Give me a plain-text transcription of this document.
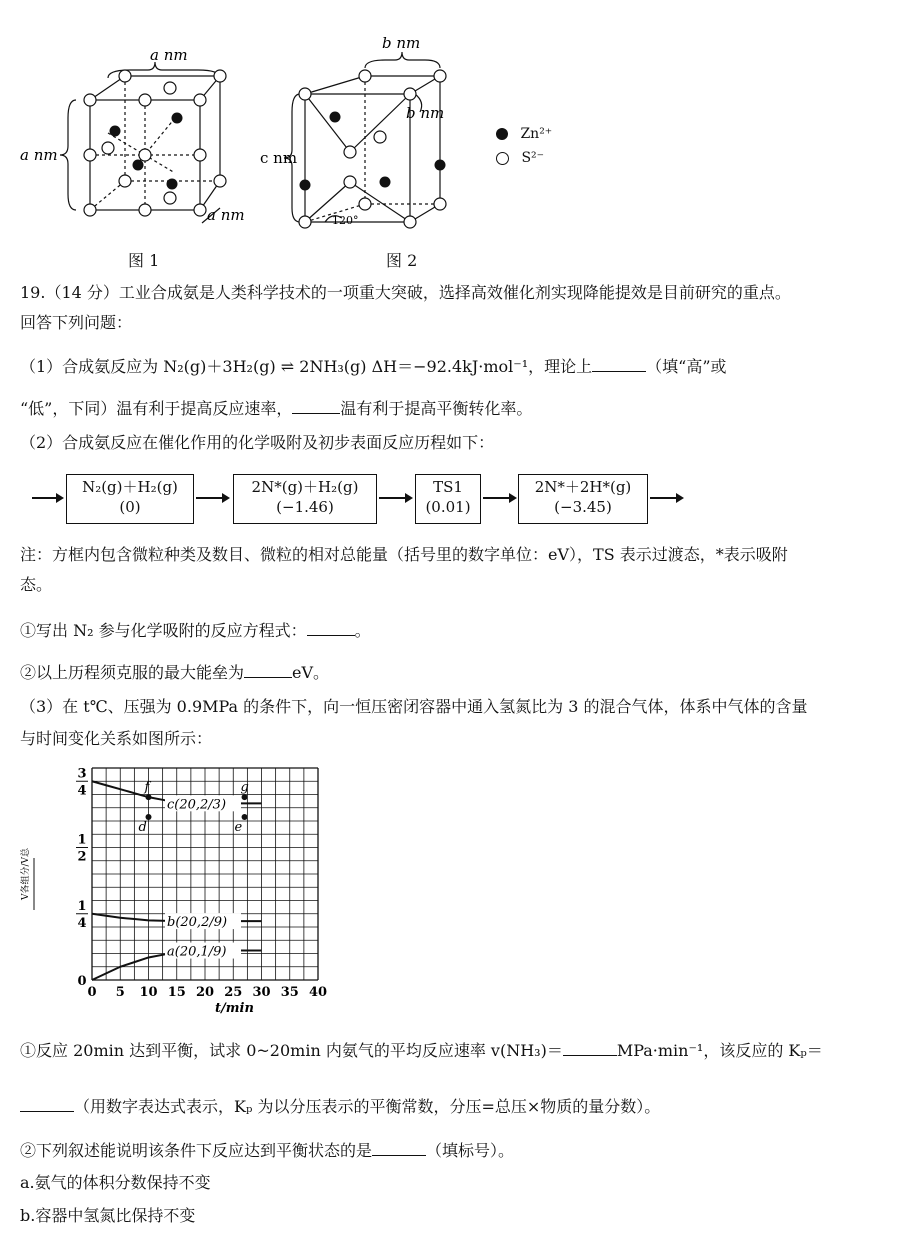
a nm
a nm
a nm
图 1
b nm
b nm
c nm
120°
图 2
Zn²⁺
S²⁻
19.（14 分）工业合成氨是人类科学技术的一项重大突破，选择高效催化剂实现降能提效是目前研究的重点。
回答下列问题：
（1）合成氨反应为 N₂(g)＋3H₂(g) ⇌ 2NH₃(g) ΔH＝−92.4kJ·mol⁻¹，理论上	（填“高”或
“低”，下同）温有利于提高反应速率，	温有利于提高平衡转化率。
（2）合成氨反应在催化作用的化学吸附及初步表面反应历程如下：
N₂(g)＋H₂(g)
(0)
2N*(g)＋H₂(g)
(−1.46)
TS1
(0.01)
2N*＋2H*(g)
(−3.45)
注：方框内包含微粒种类及数目、微粒的相对总能量（括号里的数字单位：eV），TS 表示过渡态，*表示吸附
态。
①写出 N₂ 参与化学吸附的反应方程式：	。
②以上历程须克服的最大能垒为	eV。
（3）在 t℃、压强为 0.9MPa 的条件下，向一恒压密闭容器中通入氢氮比为 3 的混合气体，体系中气体的含量
与时间变化关系如图所示：
f	g
c(20,2/3)
d	e
b(20,2/9)
a(20,1/9)
0 5 10 15 20 25 30 35 40
0
1
4
1
2
3
4
V各组分/V总
t/min
①反应 20min 达到平衡，试求 0~20min 内氨气的平均反应速率 v(NH₃)＝	MPa·min⁻¹，该反应的 Kₚ＝
（用数字表达式表示，Kₚ 为以分压表示的平衡常数，分压=总压×物质的量分数）。
②下列叙述能说明该条件下反应达到平衡状态的是	（填标号）。
a.氨气的体积分数保持不变
b.容器中氢氮比保持不变
